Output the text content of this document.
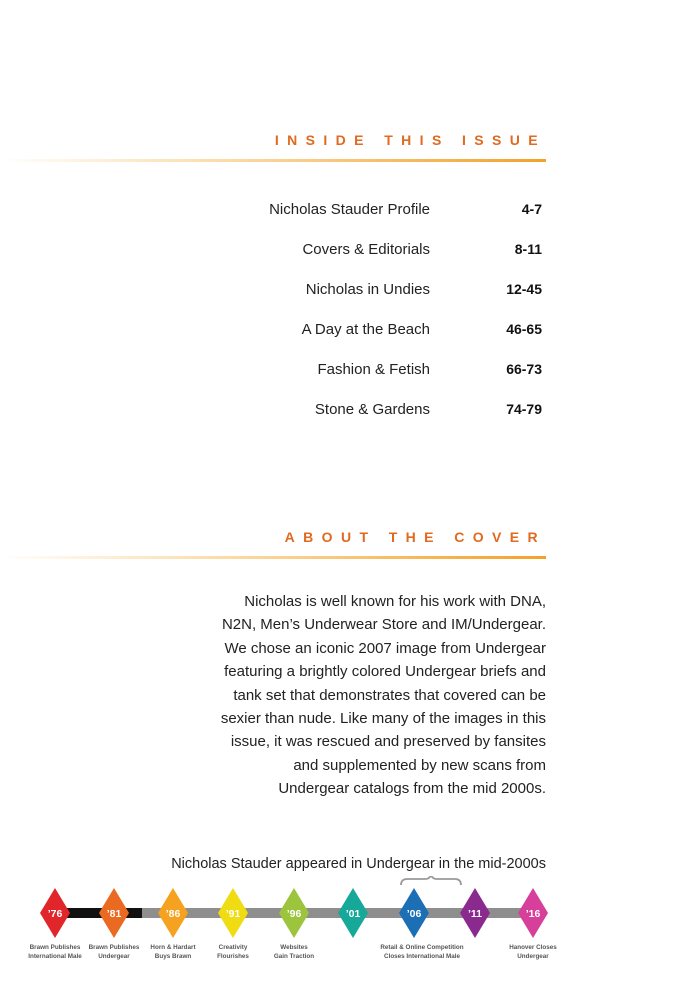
INSIDE THIS ISSUE
Nicholas Stauder Profile	4-7
Covers & Editorials	8-11
Nicholas in Undies	12-45
A Day at the Beach	46-65
Fashion & Fetish	66-73
Stone & Gardens	74-79
ABOUT THE COVER
Nicholas is well known for his work with DNA,
N2N, Men’s Underwear Store and IM/Undergear.
We chose an iconic 2007 image from Undergear
featuring a brightly colored Undergear briefs and
tank set that demonstrates that covered can be
sexier than nude. Like many of the images in this
issue, it was rescued and preserved by fansites
and supplemented by new scans from
Undergear catalogs from the mid 2000s.
Nicholas Stauder appeared in Undergear in the mid-2000s
’76	’81	’86	’91	’96	’01	’06	’11	’16
Brawn Publishes
International Male
Brawn Publishes
Undergear
Horn & Hardart
Buys Brawn
Creativity
Flourishes
Websites
Gain Traction
Retail & Online Competition
Closes International Male
Hanover Closes
Undergear
